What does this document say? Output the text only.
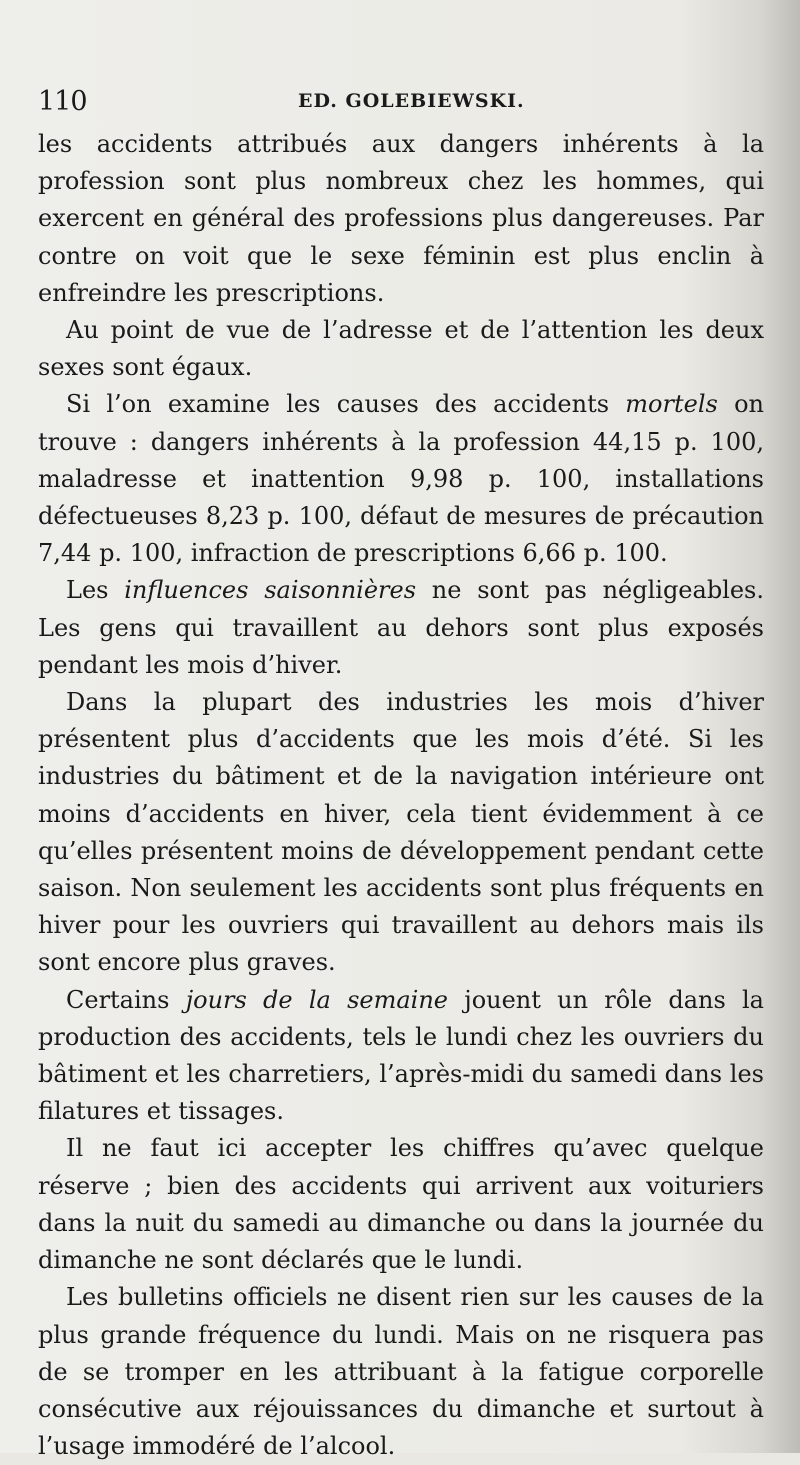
110	ED. GOLEBIEWSKI.

les accidents attribués aux dangers inhérents à la profession sont plus nombreux chez les hommes, qui exercent en général des professions plus dangereuses. Par contre on voit que le sexe féminin est plus enclin à enfreindre les prescriptions.

Au point de vue de l’adresse et de l’attention les deux sexes sont égaux.

Si l’on examine les causes des accidents mortels on trouve : dangers inhérents à la profession 44,15 p. 100, maladresse et inattention 9,98 p. 100, installations défectueuses 8,23 p. 100, défaut de mesures de précaution 7,44 p. 100, infraction de prescriptions 6,66 p. 100.

Les influences saisonnières ne sont pas négligeables. Les gens qui travaillent au dehors sont plus exposés pendant les mois d’hiver.

Dans la plupart des industries les mois d’hiver présentent plus d’accidents que les mois d’été. Si les industries du bâtiment et de la navigation intérieure ont moins d’accidents en hiver, cela tient évidemment à ce qu’elles présentent moins de développement pendant cette saison. Non seulement les accidents sont plus fréquents en hiver pour les ouvriers qui travaillent au dehors mais ils sont encore plus graves.

Certains jours de la semaine jouent un rôle dans la production des accidents, tels le lundi chez les ouvriers du bâtiment et les charretiers, l’après-midi du samedi dans les filatures et tissages.

Il ne faut ici accepter les chiffres qu’avec quelque réserve ; bien des accidents qui arrivent aux voituriers dans la nuit du samedi au dimanche ou dans la journée du dimanche ne sont déclarés que le lundi.

Les bulletins officiels ne disent rien sur les causes de la plus grande fréquence du lundi. Mais on ne risquera pas de se tromper en les attribuant à la fatigue corporelle consécutive aux réjouissances du dimanche et surtout à l’usage immodéré de l’alcool.
